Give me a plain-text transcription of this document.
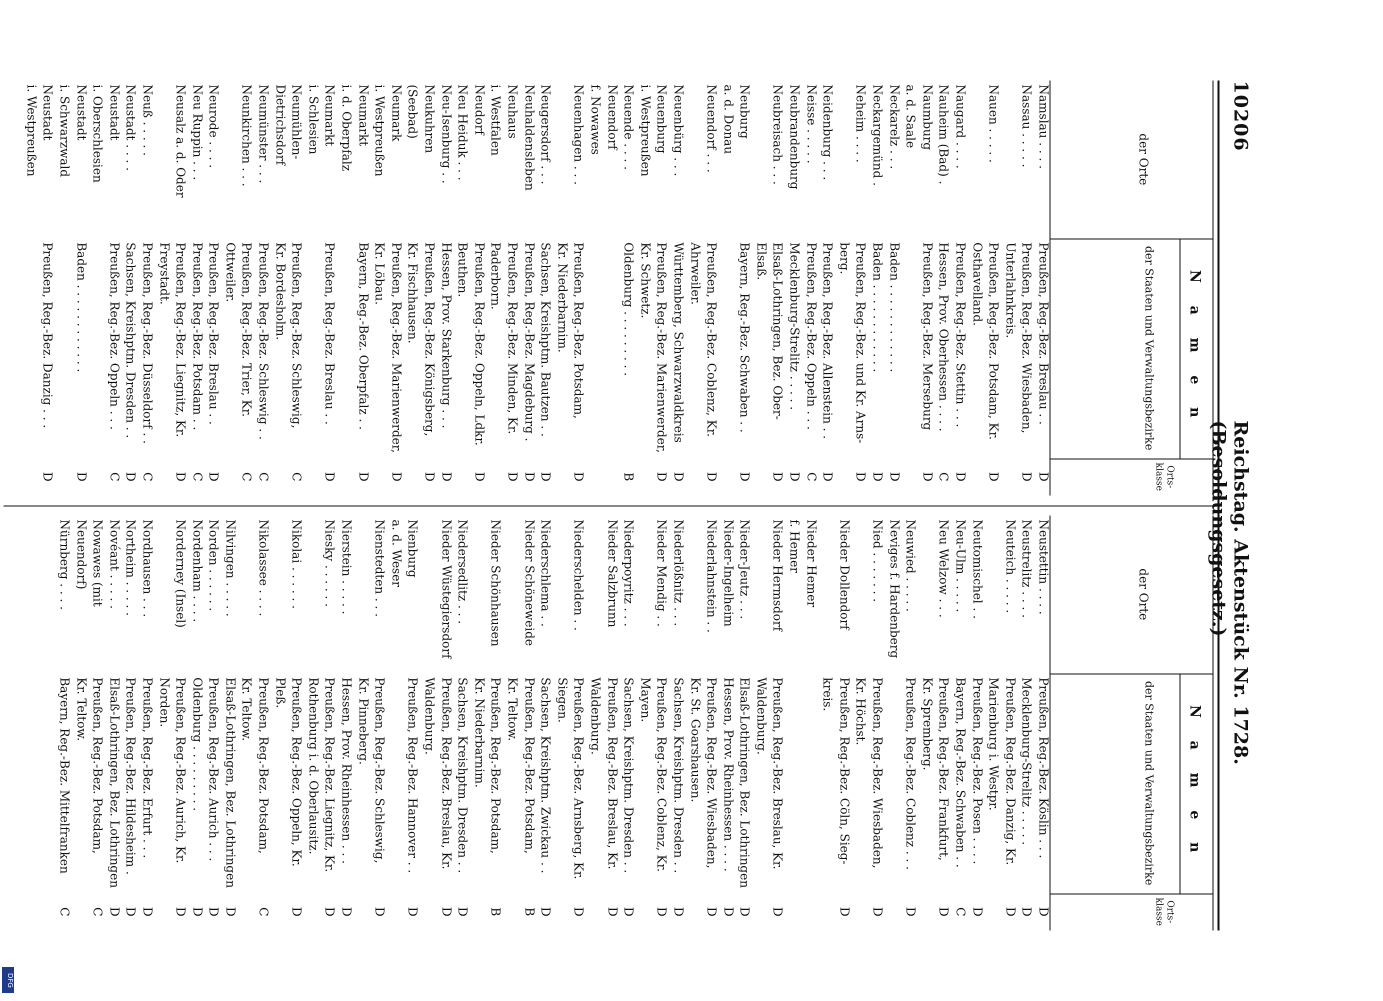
10206
Reichstag. Aktenstück Nr. 1728. (Besoldungsgesetz.)
N a m e n
der Orte
der Staaten und Verwaltungsbezirke
Orts- klasse
Namslau . . . .
Preußen, Reg.-Bez. Breslau . .
D
Nassau . . . . .
Preußen, Reg.-Bez. Wiesbaden,
D
Unterlahnkreis.
Nauen . . . . .
Preußen, Reg.-Bez. Potsdam, Kr.
D
Osthavelland.
Naugard . . . .
Preußen, Reg.-Bez. Stettin . . .
D
Nauheim (Bad) .
Hessen, Prov. Oberhessen . . . .
C
Naumburg
Preußen, Reg.-Bez. Merseburg
D
a. d. Saale
Neckarelz . . .
Baden . . . . . . . . . . . .
D
Neckargemünd .
Baden . . . . . . . . . . . .
D
Neheim . . . .
Preußen, Reg.-Bez. und Kr. Arns-
D
berg.
Neidenburg . . .
Preußen, Reg.-Bez. Allenstein . .
D
Neisse . . . . .
Preußen, Reg.-Bez. Oppeln . . .
C
Neubrandenburg
Mecklenburg-Strelitz . . . . .
D
Neubreisach . . .
Elsaß-Lothringen, Bez. Ober-
D
Elsaß.
Neuburg
Bayern, Reg.-Bez. Schwaben . .
D
a. d. Donau
Neuendorf . . .
Preußen, Reg.-Bez. Coblenz, Kr.
D
Ahrweiler.
Neuenbürg . . .
Württemberg, Schwarzwaldkreis
D
Neuenburg
Preußen, Reg.-Bez. Marienwerder,
D
i. Westpreußen
Kr. Schwetz.
Neuende . . . .
Oldenburg . . . . . . . . .
B
Neuendorf
f. Nowawes
Neuenhagen . . .
Preußen, Reg.-Bez. Potsdam,
D
Kr. Niederbarnim.
Neugersdorf . . .
Sachsen, Kreishptm. Bautzen . .
D
Neuhaldensleben
Preußen, Reg.-Bez. Magdeburg .
D
Neuhaus
Preußen, Reg.-Bez. Minden, Kr.
D
i. Westfalen
Paderborn.
Neudorf
Preußen, Reg.-Bez. Oppeln, Ldkr.
D
Neu Heiduk . . .
Beuthen.
Neu-Isenburg . .
Hessen, Prov. Starkenburg . . .
D
Neukuhren
Preußen, Reg.-Bez. Königsberg,
D
(Seebad)
Kr. Fischhausen.
Neumark
Preußen, Reg.-Bez. Marienwerder,
D
i. Westpreußen
Kr. Löbau.
Neumarkt
Bayern, Reg.-Bez. Oberpfalz . .
D
i. d. Oberpfalz
Neumarkt
Preußen, Reg.-Bez. Breslau . .
D
i. Schlesien
Neumühlen-
Preußen, Reg.-Bez. Schleswig,
C
Dietrichsdorf
Kr. Bordesholm.
Neumünster . . .
Preußen, Reg.-Bez. Schleswig . .
C
Neunkirchen . . .
Preußen, Reg.-Bez. Trier, Kr.
C
Ottweiler.
Neurode . . . .
Preußen, Reg.-Bez. Breslau . .
D
Neu Ruppin . . .
Preußen, Reg.-Bez. Potsdam . .
C
Neusalz a. d. Oder
Preußen, Reg.-Bez. Liegnitz, Kr.
D
Freystadt.
Neuß . . . . .
Preußen, Reg.-Bez. Düsseldorf . .
C
Neustadt . . . .
Sachsen, Kreishptm. Dresden . .
D
Neustadt
Preußen, Reg.-Bez. Oppeln . . .
C
i. Oberschlesien
Neustadt
Baden . . . . . . . . . . . .
D
i. Schwarzwald
Neustadt
Preußen, Reg.-Bez. Danzig . . .
D
i. Westpreußen
N a m e n
der Orte
der Staaten und Verwaltungsbezirke
Orts- klasse
Neustettin . . . .
Preußen, Reg.-Bez. Köslin . . .
D
Neustrelitz . . . .
Mecklenburg-Strelitz . . . . .
D
Neuteich . . . . .
Preußen, Reg.-Bez. Danzig, Kr.
D
Marienburg i. Westpr.
Neutomischel . .
Preußen, Reg.-Bez. Posen . . . .
D
Neu-Ulm . . . . .
Bayern, Reg.-Bez. Schwaben . .
C
Neu Welzow . . .
Preußen, Reg.-Bez. Frankfurt,
D
Kr. Spremberg.
Neuwied . . . . .
Preußen, Reg.-Bez. Coblenz . . .
D
Neviges f. Hardenberg
Nied . . . . . . .
Preußen, Reg.-Bez. Wiesbaden,
D
Kr. Höchst.
Nieder Dollendorf
Preußen, Reg.-Bez. Cöln, Sieg-
D
kreis.
Nieder Hemer
f. Hemer
Nieder Hermsdorf
Preußen, Reg.-Bez. Breslau, Kr.
D
Waldenburg.
Nieder-Jeutz . . .
Elsaß-Lothringen, Bez. Lothringen
D
Nieder-Ingelheim
Hessen, Prov. Rheinhessen . . . .
D
Niederlahnstein . .
Preußen, Reg.-Bez. Wiesbaden,
D
Kr. St. Goarshausen.
Niederlößnitz . . .
Sachsen, Kreishptm. Dresden . .
D
Nieder Mendig . .
Preußen, Reg.-Bez. Coblenz, Kr.
D
Mayen.
Niederpoyritz . . .
Sachsen, Kreishptm. Dresden . .
D
Nieder Salzbrunn
Preußen, Reg.-Bez. Breslau, Kr.
D
Waldenburg.
Niederschelden . .
Preußen, Reg.-Bez. Arnsberg, Kr.
D
Siegen.
Niederschlema . .
Sachsen, Kreishptm. Zwickau . .
D
Nieder Schöneweide
Preußen, Reg.-Bez. Potsdam,
B
Kr. Teltow.
Nieder Schönhausen
Preußen, Reg.-Bez. Potsdam,
B
Kr. Niederbarnim.
Niedersedlitz . . .
Sachsen, Kreishptm. Dresden . .
D
Nieder Wüstegiersdorf
Preußen, Reg.-Bez. Breslau, Kr.
D
Waldenburg.
Nienburg
Preußen, Reg.-Bez. Hannover . .
D
a. d. Weser
Nienstedten . . .
Preußen, Reg.-Bez. Schleswig,
D
Kr. Pinneberg.
Nierstein . . . . .
Hessen, Prov. Rheinhessen . . .
D
Niesky . . . . . .
Preußen, Reg.-Bez. Liegnitz, Kr.
D
Rothenburg i. d. Oberlausitz.
Nikolai . . . . . .
Preußen, Reg.-Bez. Oppeln, Kr.
D
Pleß.
Nikolassee . . . .
Preußen, Reg.-Bez. Potsdam,
C
Kr. Teltow.
Nilvingen . . . . .
Elsaß-Lothringen, Bez. Lothringen
D
Norden . . . . . .
Preußen, Reg.-Bez. Aurich . . .
D
Nordenham . . . .
Oldenburg . . . . . . . . .
D
Norderney (Insel)
Preußen, Reg.-Bez. Aurich, Kr.
D
Norden.
Nordhausen . . .
Preußen, Reg.-Bez. Erfurt . . .
D
Northeim . . . . .
Preußen, Reg.-Bez. Hildesheim .
D
Novéant . . . . .
Elsaß-Lothringen, Bez. Lothringen
D
Nowawes (mit
Preußen, Reg.-Bez. Potsdam,
C
Neuendorf)
Kr. Teltow.
Nürnberg . . . .
Bayern, Reg.-Bez. Mittelfranken
C
DFG
